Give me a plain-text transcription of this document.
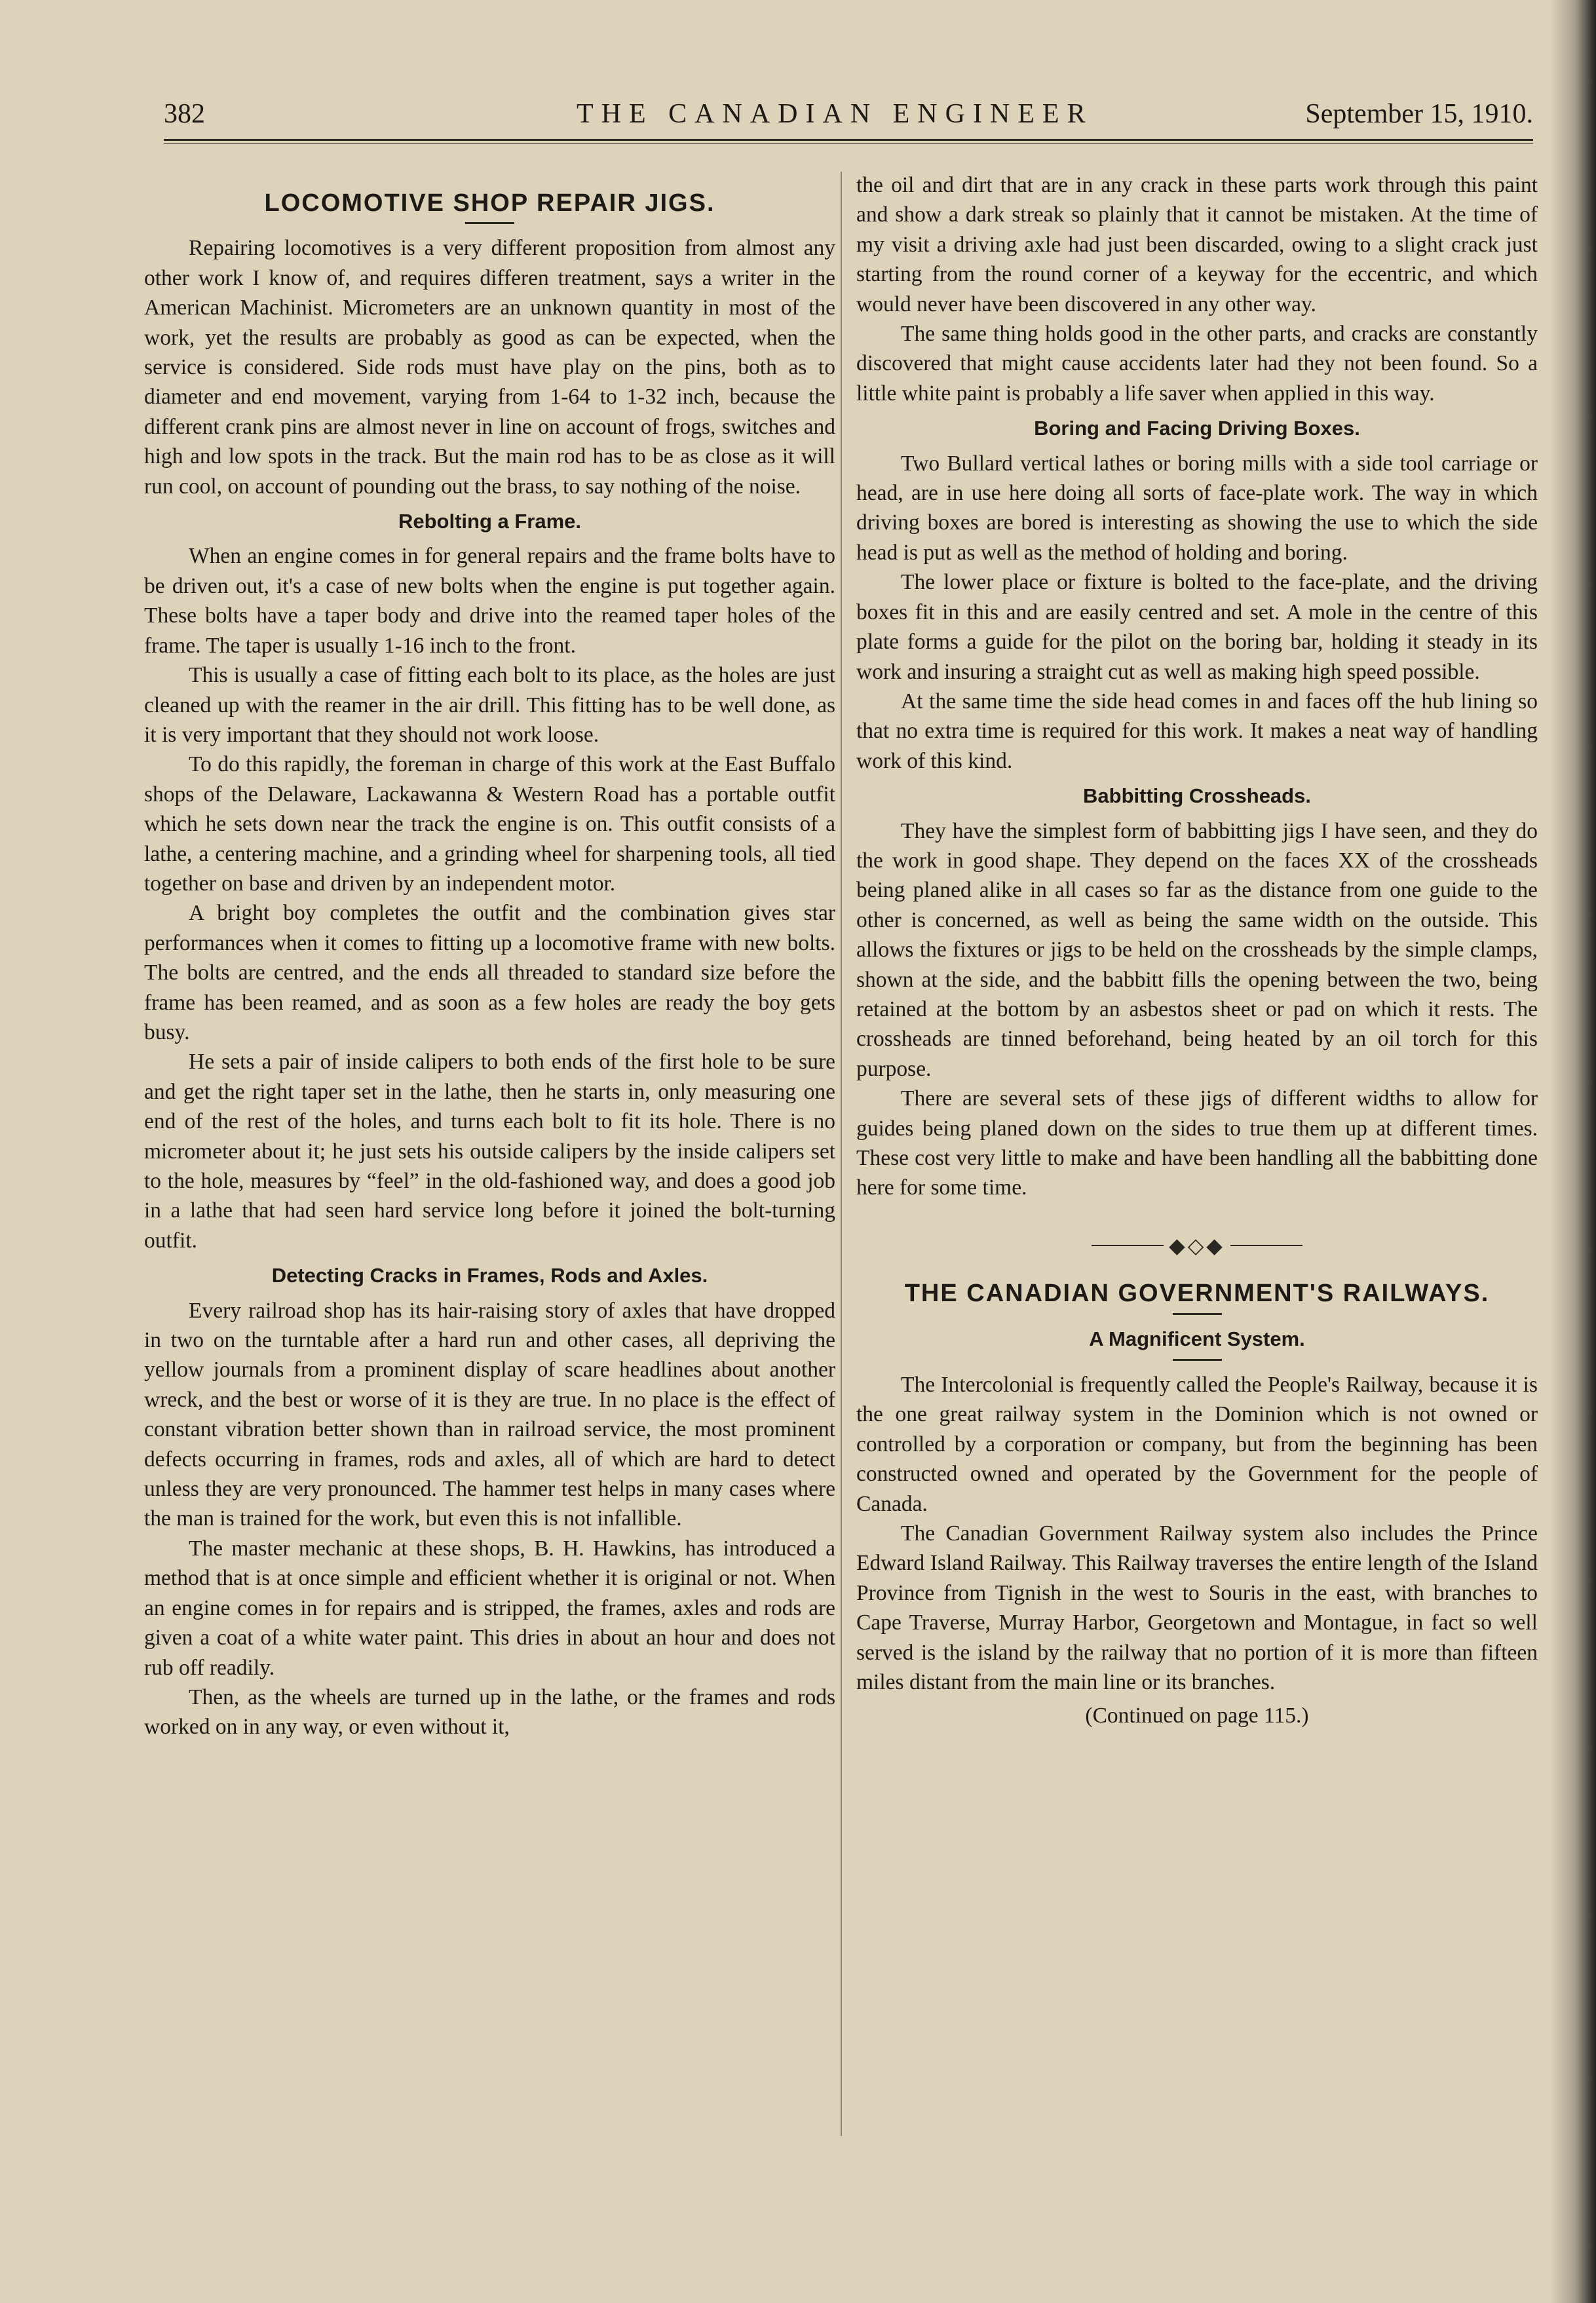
382	THE CANADIAN ENGINEER	September 15, 1910.
LOCOMOTIVE SHOP REPAIR JIGS.

Repairing locomotives is a very different proposition from almost any other work I know of, and requires differen treatment, says a writer in the American Machinist. Micrometers are an unknown quantity in most of the work, yet the results are probably as good as can be expected, when the service is considered. Side rods must have play on the pins, both as to diameter and end movement, varying from 1-64 to 1-32 inch, because the different crank pins are almost never in line on account of frogs, switches and high and low spots in the track. But the main rod has to be as close as it will run cool, on account of pounding out the brass, to say nothing of the noise.

Rebolting a Frame.

When an engine comes in for general repairs and the frame bolts have to be driven out, it's a case of new bolts when the engine is put together again. These bolts have a taper body and drive into the reamed taper holes of the frame. The taper is usually 1-16 inch to the front.

This is usually a case of fitting each bolt to its place, as the holes are just cleaned up with the reamer in the air drill. This fitting has to be well done, as it is very important that they should not work loose.

To do this rapidly, the foreman in charge of this work at the East Buffalo shops of the Delaware, Lackawanna & Western Road has a portable outfit which he sets down near the track the engine is on. This outfit consists of a lathe, a centering machine, and a grinding wheel for sharpening tools, all tied together on base and driven by an independent motor.

A bright boy completes the outfit and the combination gives star performances when it comes to fitting up a locomotive frame with new bolts. The bolts are centred, and the ends all threaded to standard size before the frame has been reamed, and as soon as a few holes are ready the boy gets busy.

He sets a pair of inside calipers to both ends of the first hole to be sure and get the right taper set in the lathe, then he starts in, only measuring one end of the rest of the holes, and turns each bolt to fit its hole. There is no micrometer about it; he just sets his outside calipers by the inside calipers set to the hole, measures by “feel” in the old-fashioned way, and does a good job in a lathe that had seen hard service long before it joined the bolt-turning outfit.

Detecting Cracks in Frames, Rods and Axles.

Every railroad shop has its hair-raising story of axles that have dropped in two on the turntable after a hard run and other cases, all depriving the yellow journals from a prominent display of scare headlines about another wreck, and the best or worse of it is they are true. In no place is the effect of constant vibration better shown than in railroad service, the most prominent defects occurring in frames, rods and axles, all of which are hard to detect unless they are very pronounced. The hammer test helps in many cases where the man is trained for the work, but even this is not infallible.

The master mechanic at these shops, B. H. Hawkins, has introduced a method that is at once simple and efficient whether it is original or not. When an engine comes in for repairs and is stripped, the frames, axles and rods are given a coat of a white water paint. This dries in about an hour and does not rub off readily.

Then, as the wheels are turned up in the lathe, or the frames and rods worked on in any way, or even without it,

the oil and dirt that are in any crack in these parts work through this paint and show a dark streak so plainly that it cannot be mistaken. At the time of my visit a driving axle had just been discarded, owing to a slight crack just starting from the round corner of a keyway for the eccentric, and which would never have been discovered in any other way.

The same thing holds good in the other parts, and cracks are constantly discovered that might cause accidents later had they not been found. So a little white paint is probably a life saver when applied in this way.

Boring and Facing Driving Boxes.

Two Bullard vertical lathes or boring mills with a side tool carriage or head, are in use here doing all sorts of face-plate work. The way in which driving boxes are bored is interesting as showing the use to which the side head is put as well as the method of holding and boring.

The lower place or fixture is bolted to the face-plate, and the driving boxes fit in this and are easily centred and set. A mole in the centre of this plate forms a guide for the pilot on the boring bar, holding it steady in its work and insuring a straight cut as well as making high speed possible.

At the same time the side head comes in and faces off the hub lining so that no extra time is required for this work. It makes a neat way of handling work of this kind.

Babbitting Crossheads.

They have the simplest form of babbitting jigs I have seen, and they do the work in good shape. They depend on the faces XX of the crossheads being planed alike in all cases so far as the distance from one guide to the other is concerned, as well as being the same width on the outside. This allows the fixtures or jigs to be held on the crossheads by the simple clamps, shown at the side, and the babbitt fills the opening between the two, being retained at the bottom by an asbestos sheet or pad on which it rests. The crossheads are tinned beforehand, being heated by an oil torch for this purpose.

There are several sets of these jigs of different widths to allow for guides being planed down on the sides to true them up at different times. These cost very little to make and have been handling all the babbitting done here for some time.

◆◇◆
THE CANADIAN GOVERNMENT'S RAILWAYS.
A Magnificent System.

The Intercolonial is frequently called the People's Railway, because it is the one great railway system in the Dominion which is not owned or controlled by a corporation or company, but from the beginning has been constructed owned and operated by the Government for the people of Canada.

The Canadian Government Railway system also includes the Prince Edward Island Railway. This Railway traverses the entire length of the Island Province from Tignish in the west to Souris in the east, with branches to Cape Traverse, Murray Harbor, Georgetown and Montague, in fact so well served is the island by the railway that no portion of it is more than fifteen miles distant from the main line or its branches.

(Continued on page 115.)
